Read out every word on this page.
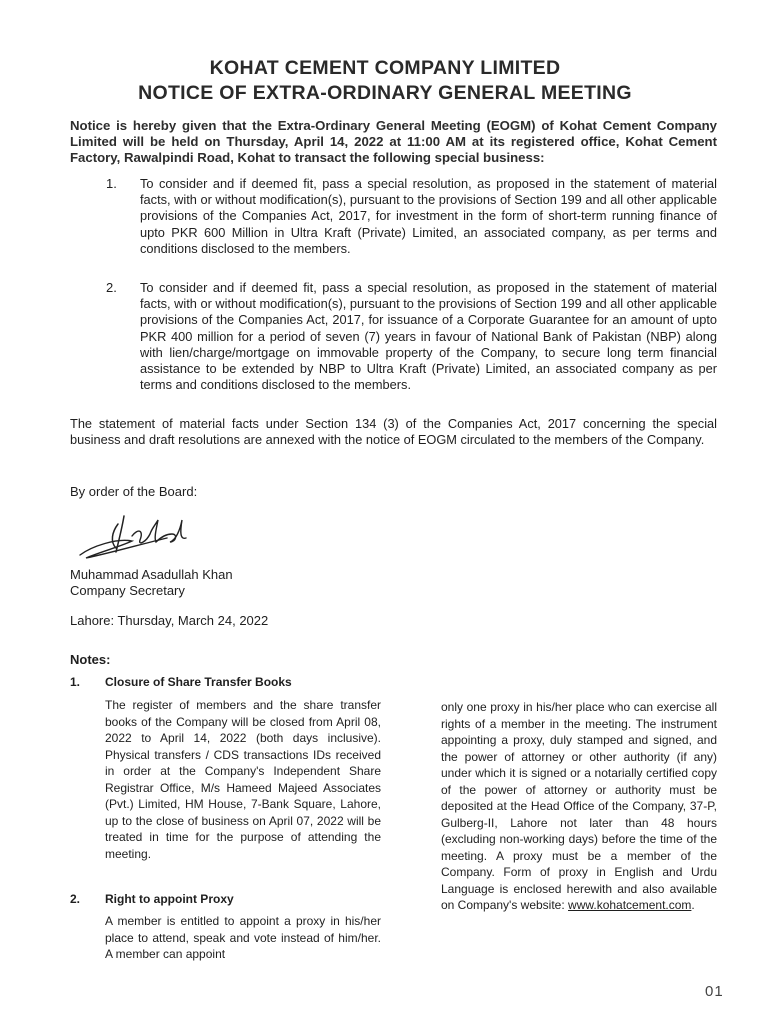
KOHAT CEMENT COMPANY LIMITED
NOTICE OF EXTRA-ORDINARY GENERAL MEETING
Notice is hereby given that the Extra-Ordinary General Meeting (EOGM) of Kohat Cement Company Limited will be held on Thursday, April 14, 2022 at 11:00 AM at its registered office, Kohat Cement Factory, Rawalpindi Road, Kohat to transact the following special business:
1. To consider and if deemed fit, pass a special resolution, as proposed in the statement of material facts, with or without modification(s), pursuant to the provisions of Section 199 and all other applicable provisions of the Companies Act, 2017, for investment in the form of short-term running finance of upto PKR 600 Million in Ultra Kraft (Private) Limited, an associated company, as per terms and conditions disclosed to the members.
2. To consider and if deemed fit, pass a special resolution, as proposed in the statement of material facts, with or without modification(s), pursuant to the provisions of Section 199 and all other applicable provisions of the Companies Act, 2017, for issuance of a Corporate Guarantee for an amount of upto PKR 400 million for a period of seven (7) years in favour of National Bank of Pakistan (NBP) along with lien/charge/mortgage on immovable property of the Company, to secure long term financial assistance to be extended by NBP to Ultra Kraft (Private) Limited, an associated company as per terms and conditions disclosed to the members.
The statement of material facts under Section 134 (3) of the Companies Act, 2017 concerning the special business and draft resolutions are annexed with the notice of EOGM circulated to the members of the Company.
By order of the Board:
Muhammad Asadullah Khan
Company Secretary
Lahore: Thursday, March 24, 2022
Notes:
1. Closure of Share Transfer Books
The register of members and the share transfer books of the Company will be closed from April 08, 2022 to April 14, 2022 (both days inclusive). Physical transfers / CDS transactions IDs received in order at the Company's Independent Share Registrar Office, M/s Hameed Majeed Associates (Pvt.) Limited, HM House, 7-Bank Square, Lahore, up to the close of business on April 07, 2022 will be treated in time for the purpose of attending the meeting.
2. Right to appoint Proxy
A member is entitled to appoint a proxy in his/her place to attend, speak and vote instead of him/her. A member can appoint
only one proxy in his/her place who can exercise all rights of a member in the meeting. The instrument appointing a proxy, duly stamped and signed, and the power of attorney or other authority (if any) under which it is signed or a notarially certified copy of the power of attorney or authority must be deposited at the Head Office of the Company, 37-P, Gulberg-II, Lahore not later than 48 hours (excluding non-working days) before the time of the meeting. A proxy must be a member of the Company. Form of proxy in English and Urdu Language is enclosed herewith and also available on Company's website: www.kohatcement.com.
01
